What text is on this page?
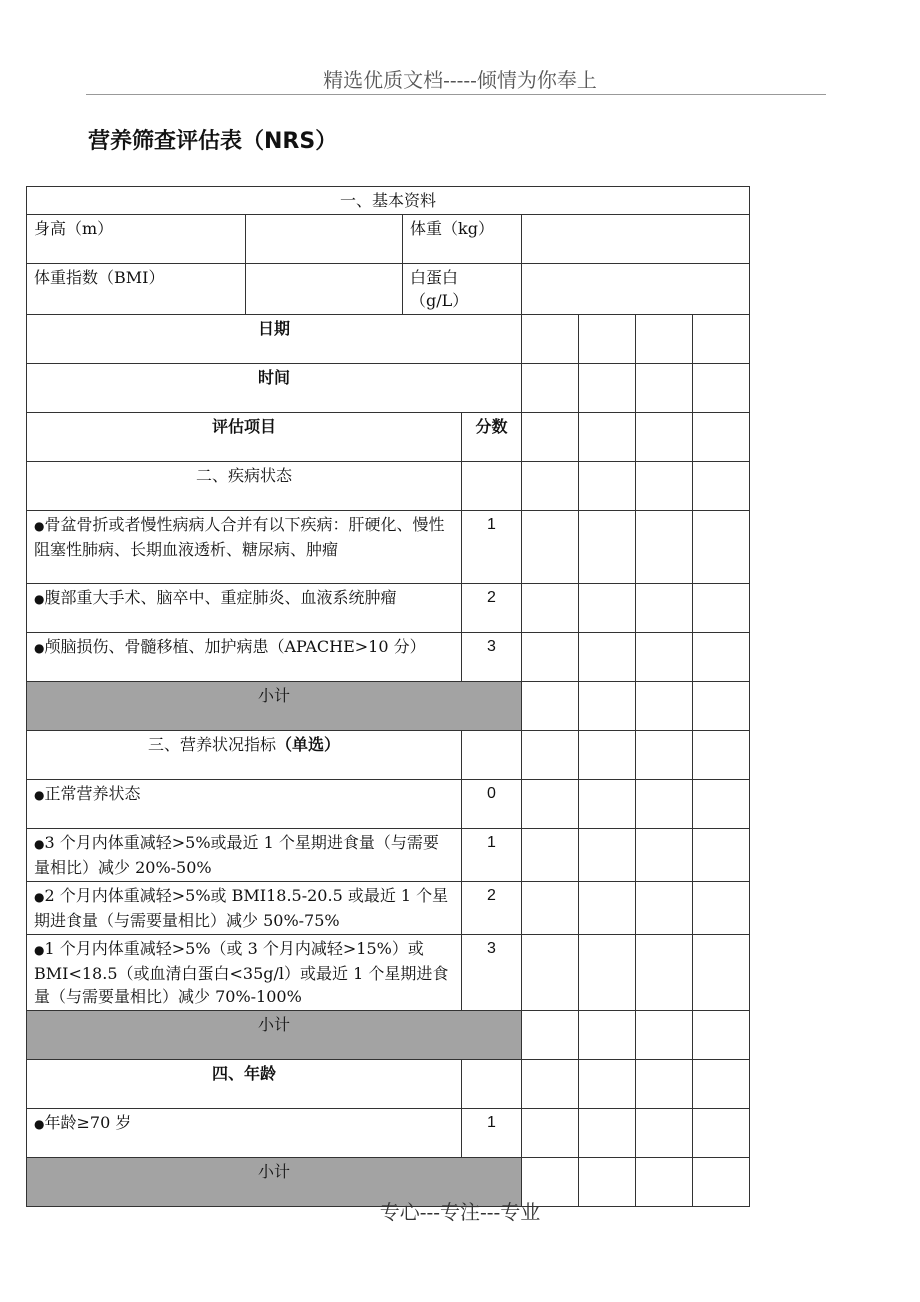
精选优质文档-----倾情为你奉上
营养筛查评估表（NRS）
一、基本资料							
身高（m）		体重（kg）					
体重指数（BMI）		白蛋白（g/L）					
日期							
时间							
评估项目			分数				
二、疾病状态							
●骨盆骨折或者慢性病病人合并有以下疾病：肝硬化、慢性阻塞性肺病、长期血液透析、糖尿病、肿瘤			1				
●腹部重大手术、脑卒中、重症肺炎、血液系统肿瘤			2				
●颅脑损伤、骨髓移植、加护病患（APACHE>10 分）			3				
小计							
三、营养状况指标（单选）							
●正常营养状态			0				
●3 个月内体重减轻>5%或最近 1 个星期进食量（与需要量相比）减少 20%-50%			1				
●2 个月内体重减轻>5%或 BMI18.5-20.5 或最近 1 个星期进食量（与需要量相比）减少 50%-75%			2				
●1 个月内体重减轻>5%（或 3 个月内减轻>15%）或 BMI<18.5（或血清白蛋白<35g/l）或最近 1 个星期进食量（与需要量相比）减少 70%-100%			3				
小计							
四、年龄							
●年龄≥70 岁			1				
小计							
专心---专注---专业
